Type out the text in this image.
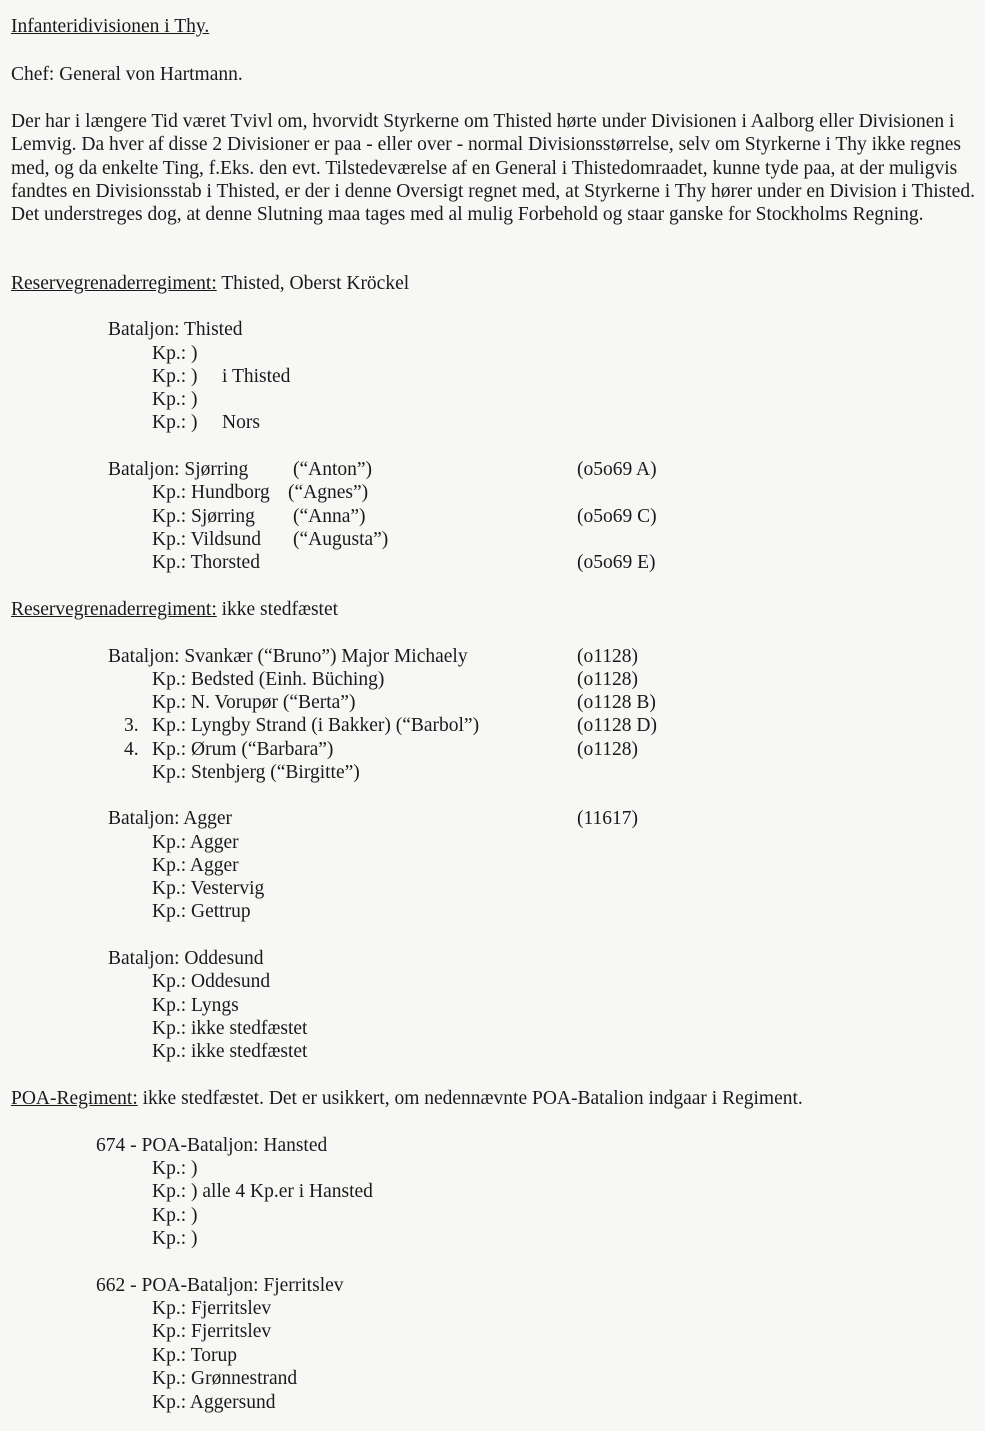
Infanteridivisionen i Thy.
Chef: General von Hartmann.
Der har i længere Tid været Tvivl om, hvorvidt Styrkerne om Thisted hørte under Divisionen i Aalborg eller Divisionen i Lemvig. Da hver af disse 2 Divisioner er paa - eller over - normal Divisionsstørrelse, selv om Styrkerne i Thy ikke regnes med, og da enkelte Ting, f.Eks. den evt. Tilstedeværelse af en General i Thistedomraadet, kunne tyde paa, at der muligvis fandtes en Divisionsstab i Thisted, er der i denne Oversigt regnet med, at Styrkerne i Thy hører under en Division i Thisted. Det understreges dog, at denne Slutning maa tages med al mulig Forbehold og staar ganske for Stockholms Regning.
Reservegrenaderregiment: Thisted, Oberst Kröckel
Bataljon: Thisted
Kp.: )
Kp.: ) i Thisted
Kp.: )
Kp.: ) Nors
Bataljon: Sjørring (“Anton”)	(o5o69 A)
Kp.: Hundborg (“Agnes”)
Kp.: Sjørring (“Anna”)	(o5o69 C)
Kp.: Vildsund (“Augusta”)
Kp.: Thorsted	(o5o69 E)
Reservegrenaderregiment: ikke stedfæstet
Bataljon: Svankær (“Bruno”) Major Michaely	(o1128)
Kp.: Bedsted (Einh. Büching)	(o1128)
Kp.: N. Vorupør (“Berta”)	(o1128 B)
3. Kp.: Lyngby Strand (i Bakker) (“Barbol”)	(o1128 D)
4. Kp.: Ørum (“Barbara”)	(o1128)
Kp.: Stenbjerg (“Birgitte”)
Bataljon: Agger	(11617)
Kp.: Agger
Kp.: Agger
Kp.: Vestervig
Kp.: Gettrup
Bataljon: Oddesund
Kp.: Oddesund
Kp.: Lyngs
Kp.: ikke stedfæstet
Kp.: ikke stedfæstet
POA-Regiment: ikke stedfæstet. Det er usikkert, om nedennævnte POA-Batalion indgaar i Regiment.
674 - POA-Bataljon: Hansted
Kp.: )
Kp.: ) alle 4 Kp.er i Hansted
Kp.: )
Kp.: )
662 - POA-Bataljon: Fjerritslev
Kp.: Fjerritslev
Kp.: Fjerritslev
Kp.: Torup
Kp.: Grønnestrand
Kp.: Aggersund
